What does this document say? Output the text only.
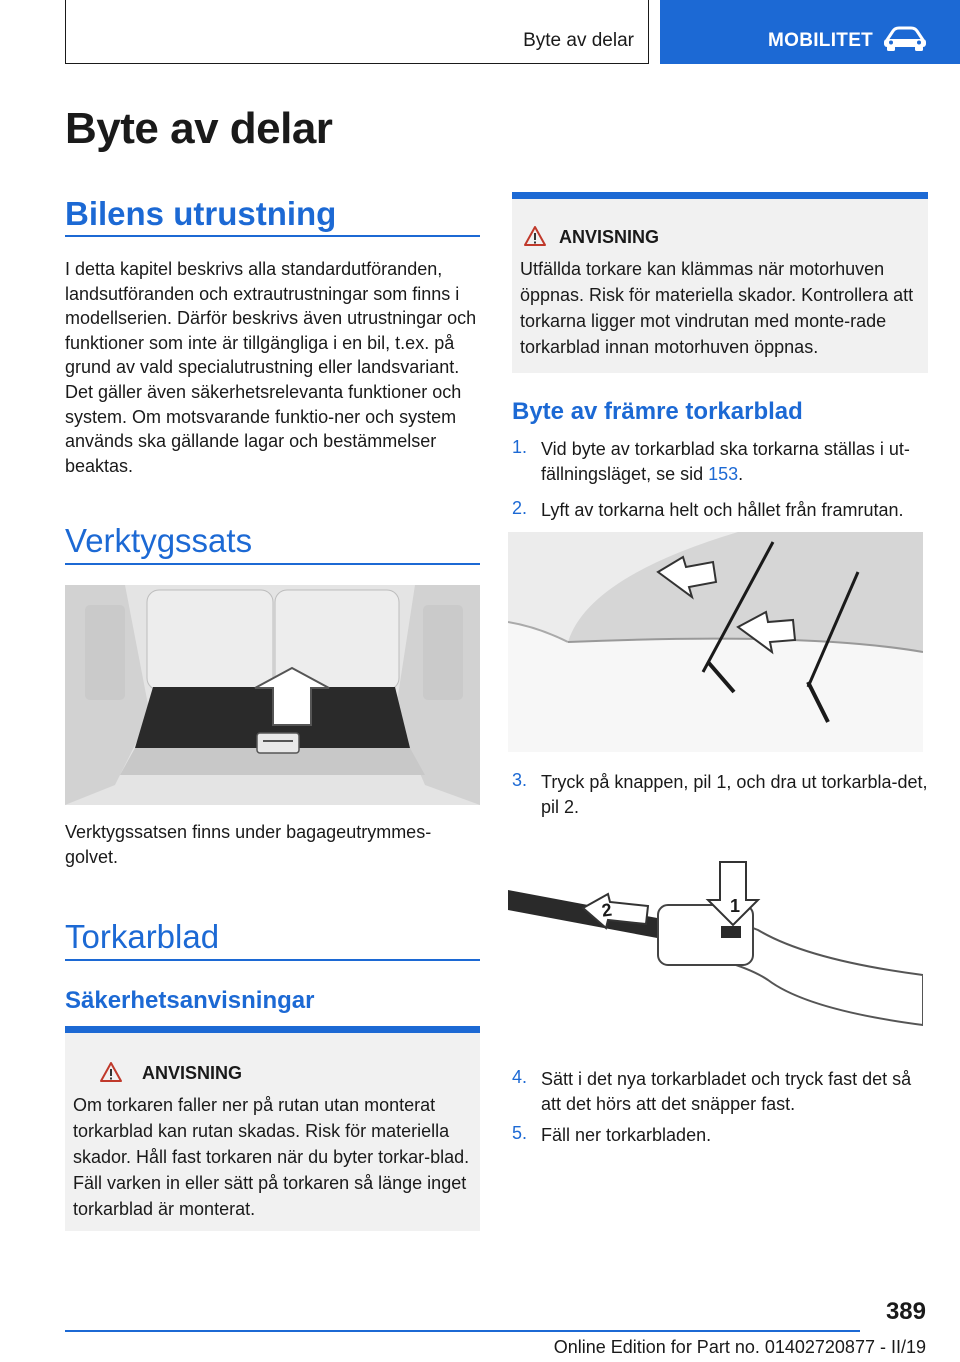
Byte av delar	MOBILITET
Byte av delar
Bilens utrustning
I detta kapitel beskrivs alla standardutföranden, landsutföranden och extrautrustningar som finns i modellserien. Därför beskrivs även utrustningar och funktioner som inte är tillgängliga i en bil, t.ex. på grund av vald specialutrustning eller landsvariant. Det gäller även säkerhetsrelevanta funktioner och system. Om motsvarande funktio‐ner och system används ska gällande lagar och bestämmelser beaktas.
Verktygssats
Verktygssatsen finns under bagageutrymmes‐golvet.
Torkarblad
Säkerhetsanvisningar
ANVISNING
Om torkaren faller ner på rutan utan monterat torkarblad kan rutan skadas. Risk för materiella skador. Håll fast torkaren när du byter torkar‐blad. Fäll varken in eller sätt på torkaren så länge inget torkarblad är monterat.
ANVISNING
Utfällda torkare kan klämmas när motorhuven öppnas. Risk för materiella skador. Kontrollera att torkarna ligger mot vindrutan med monte‐rade torkarblad innan motorhuven öppnas.
Byte av främre torkarblad
1. Vid byte av torkarblad ska torkarna ställas i ut‐fällningsläget, se sid 153.
2. Lyft av torkarna helt och hållet från framrutan.
3. Tryck på knappen, pil 1, och dra ut torkarbla‐det, pil 2.
1
2
4. Sätt i det nya torkarbladet och tryck fast det så att det hörs att det snäpper fast.
5. Fäll ner torkarbladen.
389
Online Edition for Part no. 01402720877 - II/19
